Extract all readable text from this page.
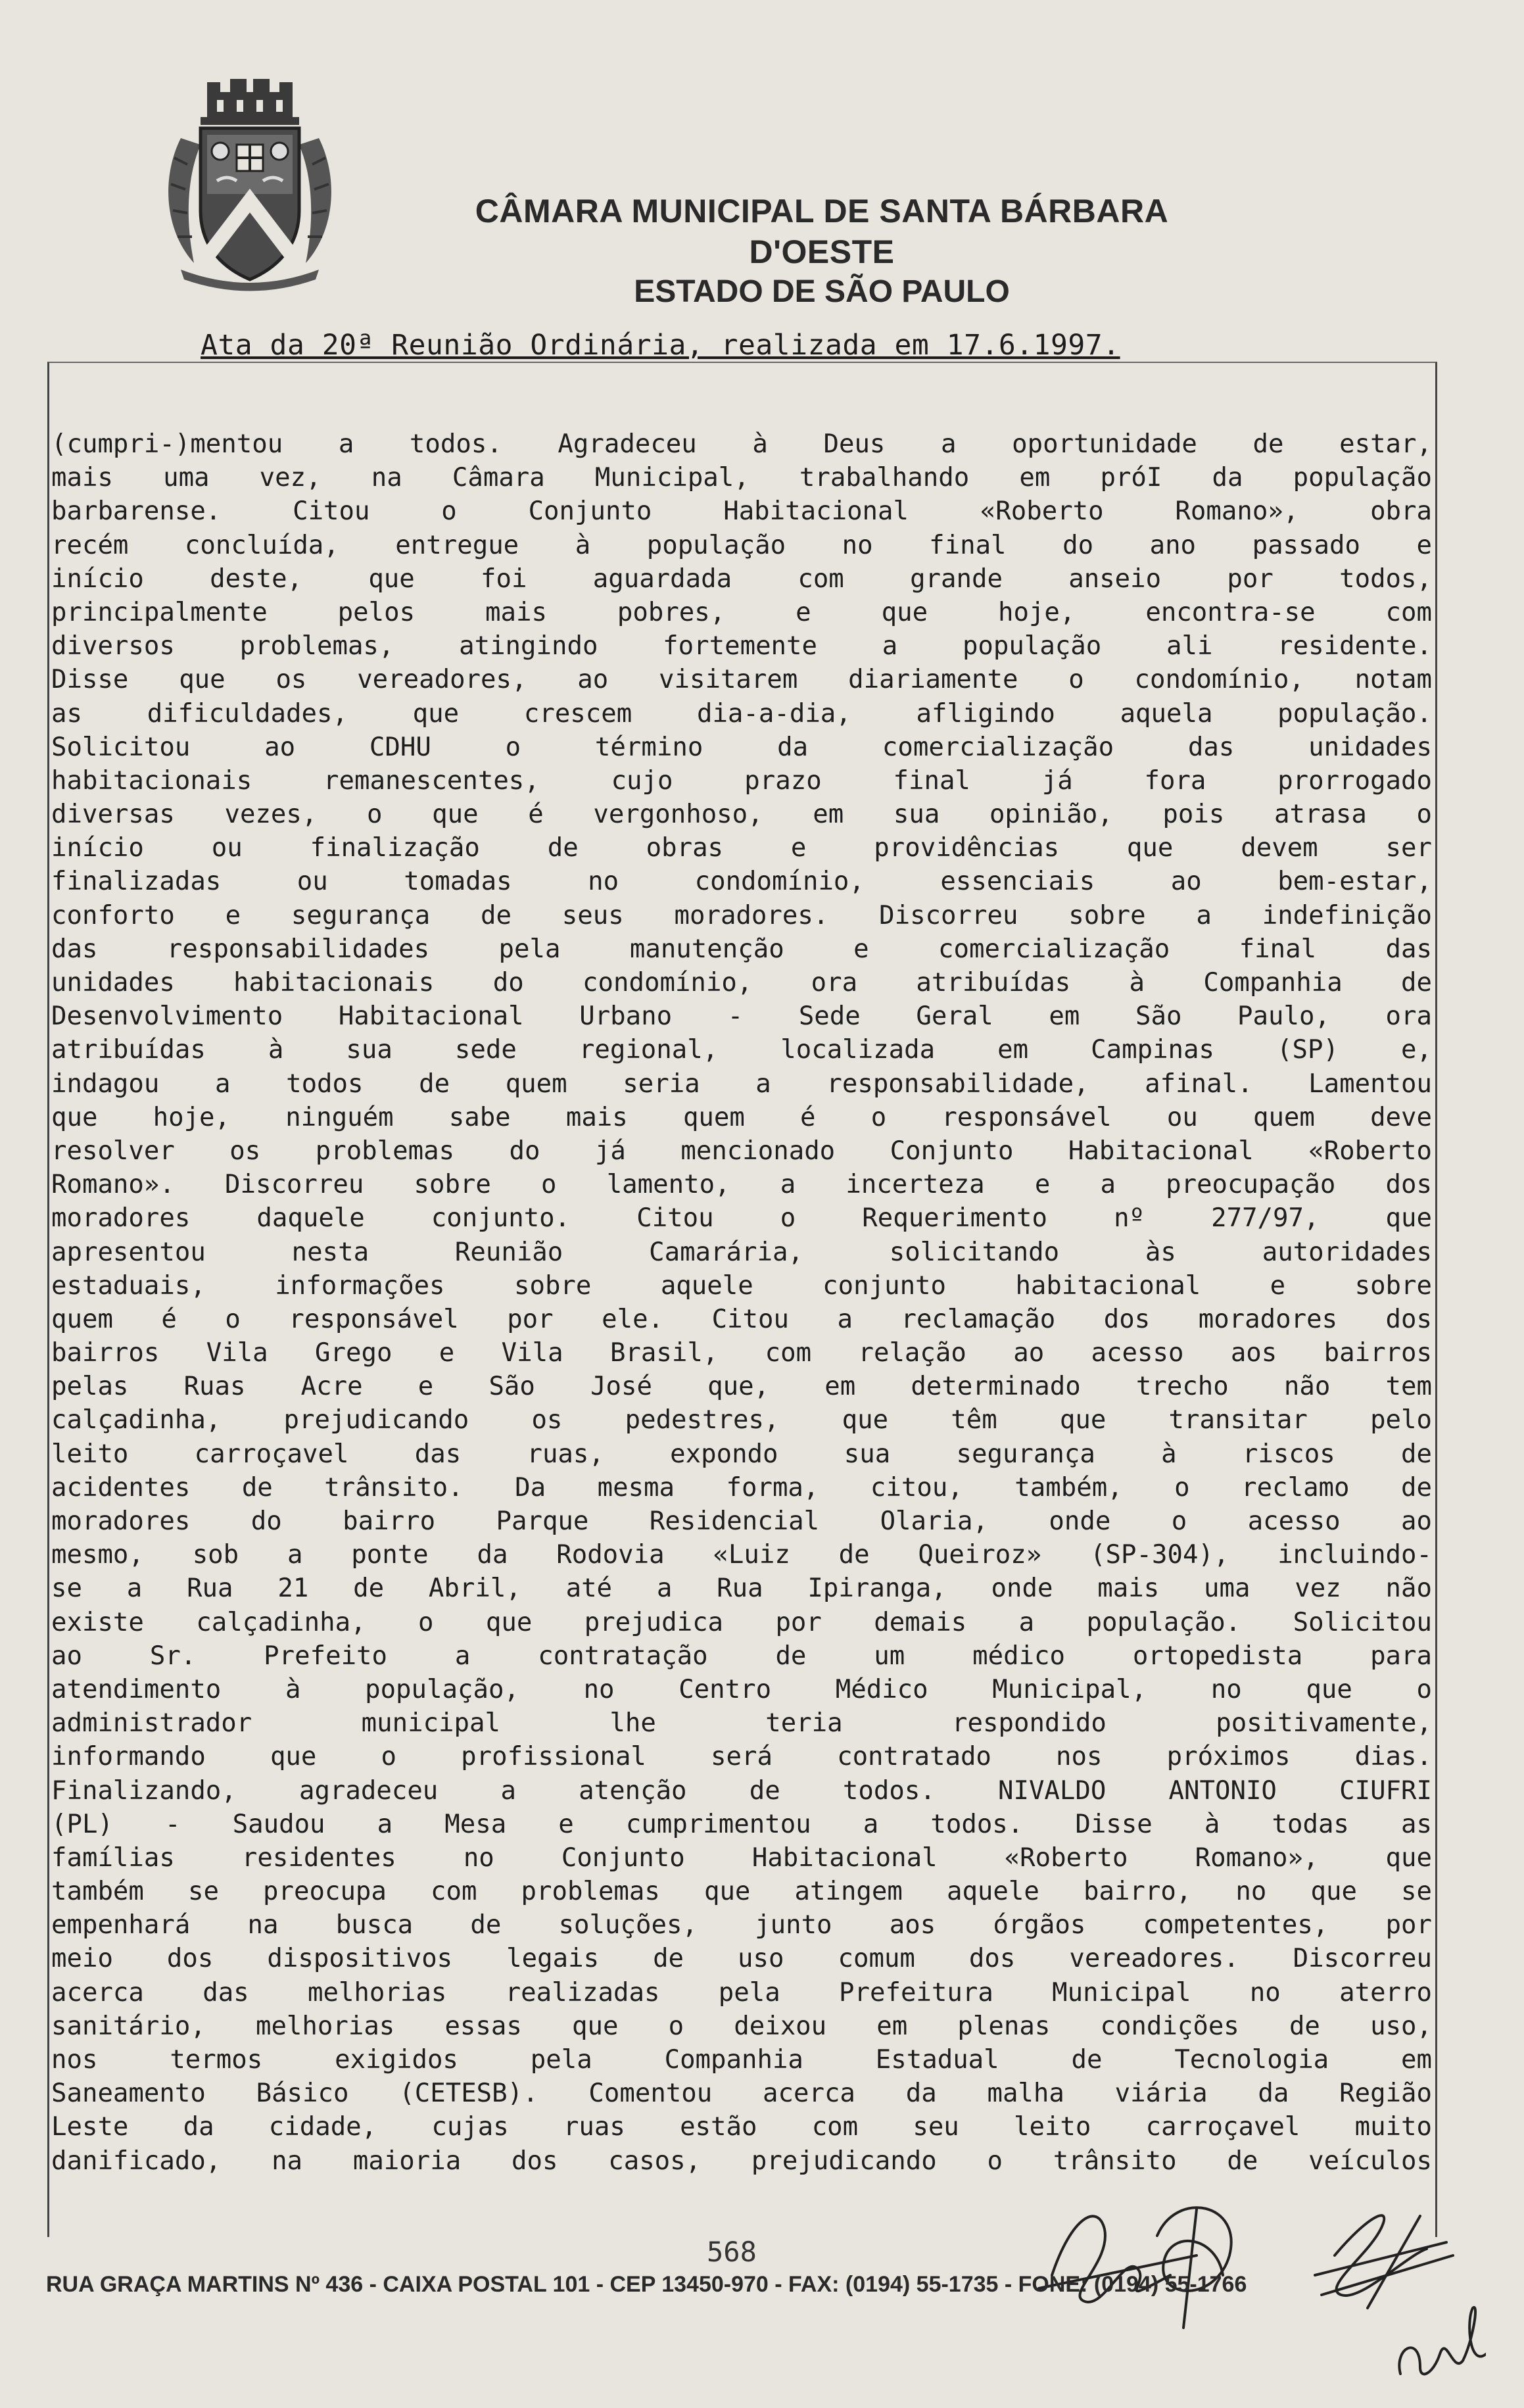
CÂMARA MUNICIPAL DE SANTA BÁRBARA D'OESTE
ESTADO DE SÃO PAULO
Ata da 20ª Reunião Ordinária, realizada em 17.6.1997.
(cumpri-)mentou a todos. Agradeceu à Deus a oportunidade de estar,
mais uma vez, na Câmara Municipal, trabalhando em próI da população
barbarense. Citou o Conjunto Habitacional «Roberto Romano», obra
recém concluída, entregue à população no final do ano passado e
início deste, que foi aguardada com grande anseio por todos,
principalmente pelos mais pobres, e que hoje, encontra-se com
diversos problemas, atingindo fortemente a população ali residente.
Disse que os vereadores, ao visitarem diariamente o condomínio, notam
as dificuldades, que crescem dia-a-dia, afligindo aquela população.
Solicitou ao CDHU o término da comercialização das unidades
habitacionais remanescentes, cujo prazo final já fora prorrogado
diversas vezes, o que é vergonhoso, em sua opinião, pois atrasa o
início ou finalização de obras e providências que devem ser
finalizadas ou tomadas no condomínio, essenciais ao bem-estar,
conforto e segurança de seus moradores. Discorreu sobre a indefinição
das responsabilidades pela manutenção e comercialização final das
unidades habitacionais do condomínio, ora atribuídas à Companhia de
Desenvolvimento Habitacional Urbano - Sede Geral em São Paulo, ora
atribuídas à sua sede regional, localizada em Campinas (SP) e,
indagou a todos de quem seria a responsabilidade, afinal. Lamentou
que hoje, ninguém sabe mais quem é o responsável ou quem deve
resolver os problemas do já mencionado Conjunto Habitacional «Roberto
Romano». Discorreu sobre o lamento, a incerteza e a preocupação dos
moradores daquele conjunto. Citou o Requerimento nº 277/97, que
apresentou nesta Reunião Camarária, solicitando às autoridades
estaduais, informações sobre aquele conjunto habitacional e sobre
quem é o responsável por ele. Citou a reclamação dos moradores dos
bairros Vila Grego e Vila Brasil, com relação ao acesso aos bairros
pelas Ruas Acre e São José que, em determinado trecho não tem
calçadinha, prejudicando os pedestres, que têm que transitar pelo
leito carroçavel das ruas, expondo sua segurança à riscos de
acidentes de trânsito. Da mesma forma, citou, também, o reclamo de
moradores do bairro Parque Residencial Olaria, onde o acesso ao
mesmo, sob a ponte da Rodovia «Luiz de Queiroz» (SP-304), incluindo-
se a Rua 21 de Abril, até a Rua Ipiranga, onde mais uma vez não
existe calçadinha, o que prejudica por demais a população. Solicitou
ao Sr. Prefeito a contratação de um médico ortopedista para
atendimento à população, no Centro Médico Municipal, no que o
administrador municipal lhe teria respondido positivamente,
informando que o profissional será contratado nos próximos dias.
Finalizando, agradeceu a atenção de todos. NIVALDO ANTONIO CIUFRI
(PL) - Saudou a Mesa e cumprimentou a todos. Disse à todas as
famílias residentes no Conjunto Habitacional «Roberto Romano», que
também se preocupa com problemas que atingem aquele bairro, no que se
empenhará na busca de soluções, junto aos órgãos competentes, por
meio dos dispositivos legais de uso comum dos vereadores. Discorreu
acerca das melhorias realizadas pela Prefeitura Municipal no aterro
sanitário, melhorias essas que o deixou em plenas condições de uso,
nos termos exigidos pela Companhia Estadual de Tecnologia em
Saneamento Básico (CETESB). Comentou acerca da malha viária da Região
Leste da cidade, cujas ruas estão com seu leito carroçavel muito
danificado, na maioria dos casos, prejudicando o trânsito de veículos
568
RUA GRAÇA MARTINS Nº 436 - CAIXA POSTAL 101 - CEP 13450-970 - FAX: (0194) 55-1735 - FONE: (0194) 55-1766
